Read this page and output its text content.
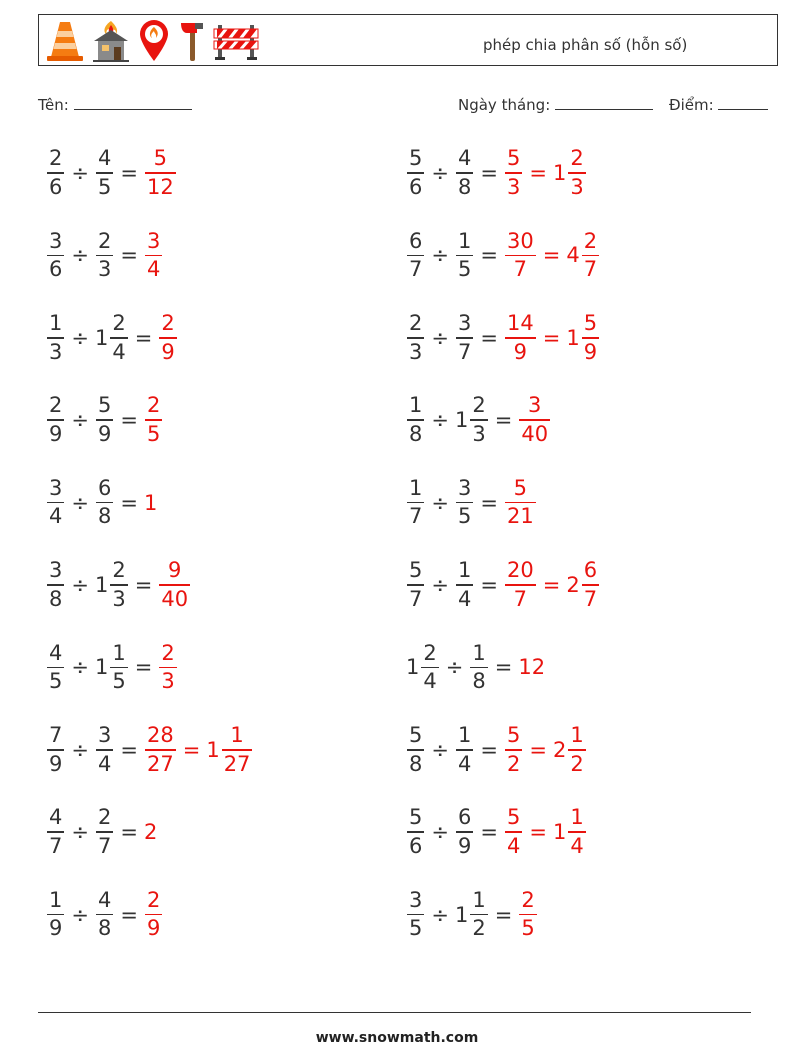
phép chia phân số (hỗn số)
Tên:	Ngày tháng:	Điểm:
$\frac{2}{6} \div \frac{4}{5} = \frac{5}{12}$	$\frac{5}{6} \div \frac{4}{8} = \frac{5}{3} = 1 \frac{2}{3}$
$\frac{3}{6} \div \frac{2}{3} = \frac{3}{4}$	$\frac{6}{7} \div \frac{1}{5} = \frac{30}{7} = 4 \frac{2}{7}$
$\frac{1}{3} \div 1 \frac{2}{4} = \frac{2}{9}$	$\frac{2}{3} \div \frac{3}{7} = \frac{14}{9} = 1 \frac{5}{9}$
$\frac{2}{9} \div \frac{5}{9} = \frac{2}{5}$	$\frac{1}{8} \div 1 \frac{2}{3} = \frac{3}{40}$
$\frac{3}{4} \div \frac{6}{8} = 1$	$\frac{1}{7} \div \frac{3}{5} = \frac{5}{21}$
$\frac{3}{8} \div 1 \frac{2}{3} = \frac{9}{40}$	$\frac{5}{7} \div \frac{1}{4} = \frac{20}{7} = 2 \frac{6}{7}$
$\frac{4}{5} \div 1 \frac{1}{5} = \frac{2}{3}$	$1 \frac{2}{4} \div \frac{1}{8} = 12$
$\frac{7}{9} \div \frac{3}{4} = \frac{28}{27} = 1 \frac{1}{27}$	$\frac{5}{8} \div \frac{1}{4} = \frac{5}{2} = 2 \frac{1}{2}$
$\frac{4}{7} \div \frac{2}{7} = 2$	$\frac{5}{6} \div \frac{6}{9} = \frac{5}{4} = 1 \frac{1}{4}$
$\frac{1}{9} \div \frac{4}{8} = \frac{2}{9}$	$\frac{3}{5} \div 1 \frac{1}{2} = \frac{2}{5}$
www.snowmath.com
